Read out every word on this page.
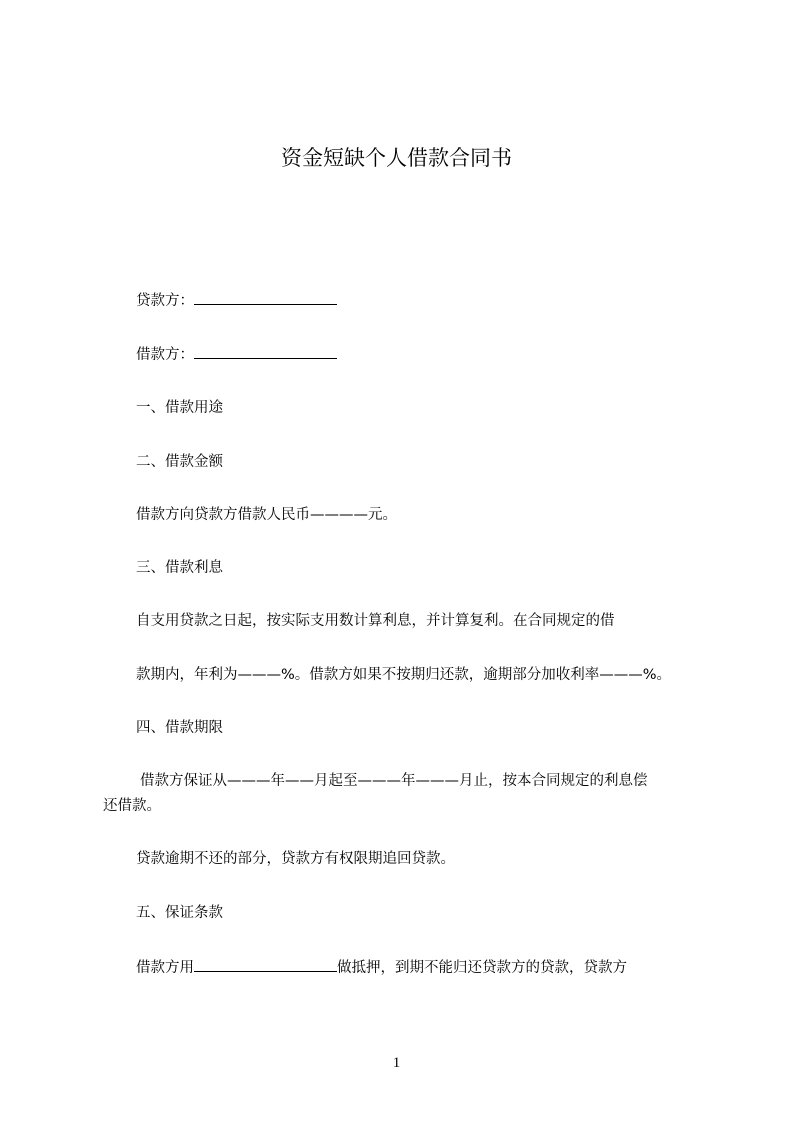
资金短缺个人借款合同书
贷款方：
借款方：
一、借款用途
二、借款金额
借款方向贷款方借款人民币————元。
三、借款利息
自支用贷款之日起，按实际支用数计算利息，并计算复利。在合同规定的借
款期内，年利为———%。借款方如果不按期归还款，逾期部分加收利率———%。
四、借款期限
借款方保证从———年——月起至———年———月止，按本合同规定的利息偿
还借款。
贷款逾期不还的部分，贷款方有权限期追回贷款。
五、保证条款
借款方用	做抵押，到期不能归还贷款方的贷款，贷款方
1
